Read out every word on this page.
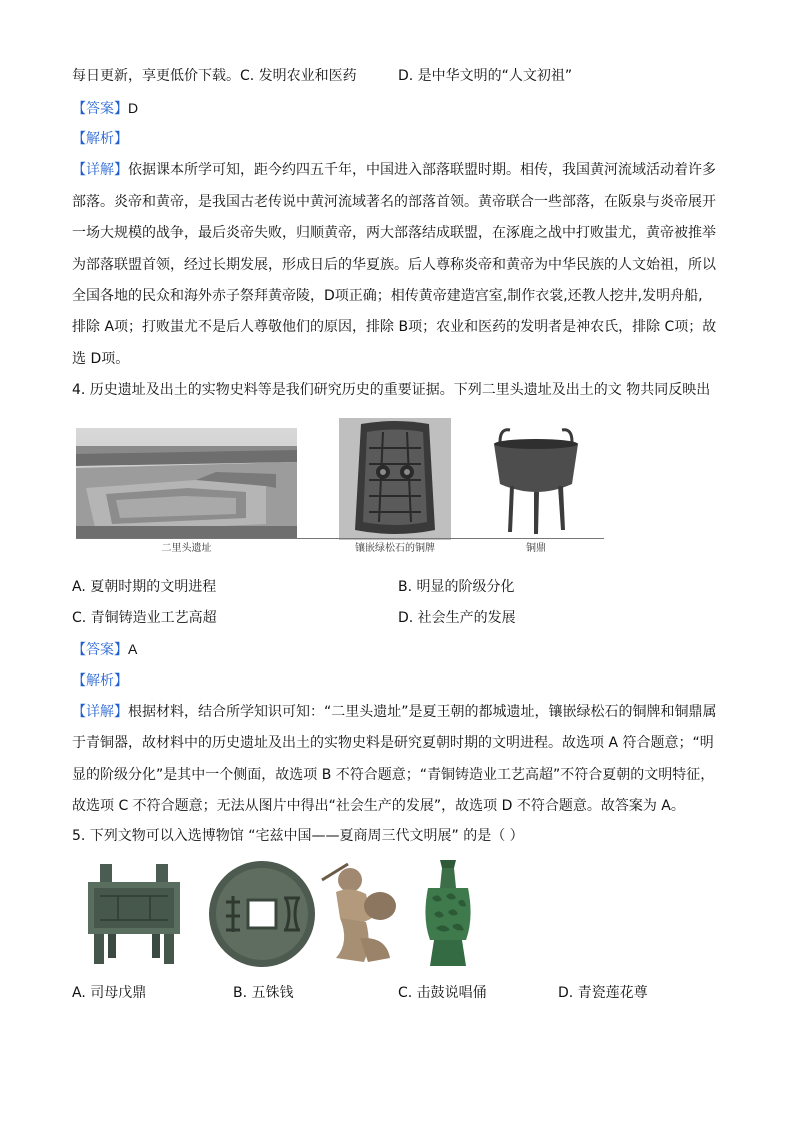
每日更新，享更低价下载。C. 发明农业和医药	D. 是中华文明的“人文初祖”
【答案】D
【解析】
【详解】依据课本所学可知，距今约四五千年，中国进入部落联盟时期。相传，我国黄河流域活动着许多
部落。炎帝和黄帝，是我国古老传说中黄河流域著名的部落首领。黄帝联合一些部落，在阪泉与炎帝展开
一场大规模的战争，最后炎帝失败，归顺黄帝，两大部落结成联盟，在涿鹿之战中打败蚩尤，黄帝被推举
为部落联盟首领，经过长期发展，形成日后的华夏族。后人尊称炎帝和黄帝为中华民族的人文始祖，所以
全国各地的民众和海外赤子祭拜黄帝陵，D项正确；相传黄帝建造宫室,制作衣裳,还教人挖井,发明舟船,
排除 A项；打败蚩尤不是后人尊敬他们的原因，排除 B项；农业和医药的发明者是神农氏，排除 C项；故
选 D项。
4. 历史遗址及出土的实物史料等是我们研究历史的重要证据。下列二里头遗址及出土的文 物共同反映出
二里头遗址	镶嵌绿松石的铜牌	铜鼎
A. 夏朝时期的文明进程	B. 明显的阶级分化
C. 青铜铸造业工艺高超	D. 社会生产的发展
【答案】A
【解析】
【详解】根据材料，结合所学知识可知：“二里头遗址”是夏王朝的都城遗址，镶嵌绿松石的铜牌和铜鼎属
于青铜器，故材料中的历史遗址及出土的实物史料是研究夏朝时期的文明进程。故选项 A 符合题意；“明
显的阶级分化”是其中一个侧面，故选项 B 不符合题意；“青铜铸造业工艺高超”不符合夏朝的文明特征，
故选项 C 不符合题意；无法从图片中得出“社会生产的发展”，故选项 D 不符合题意。故答案为 A。
5. 下列文物可以入选博物馆 “宅兹中国——夏商周三代文明展” 的是（ ）
A. 司母戊鼎	B. 五铢钱	C. 击鼓说唱俑	D. 青瓷莲花尊
